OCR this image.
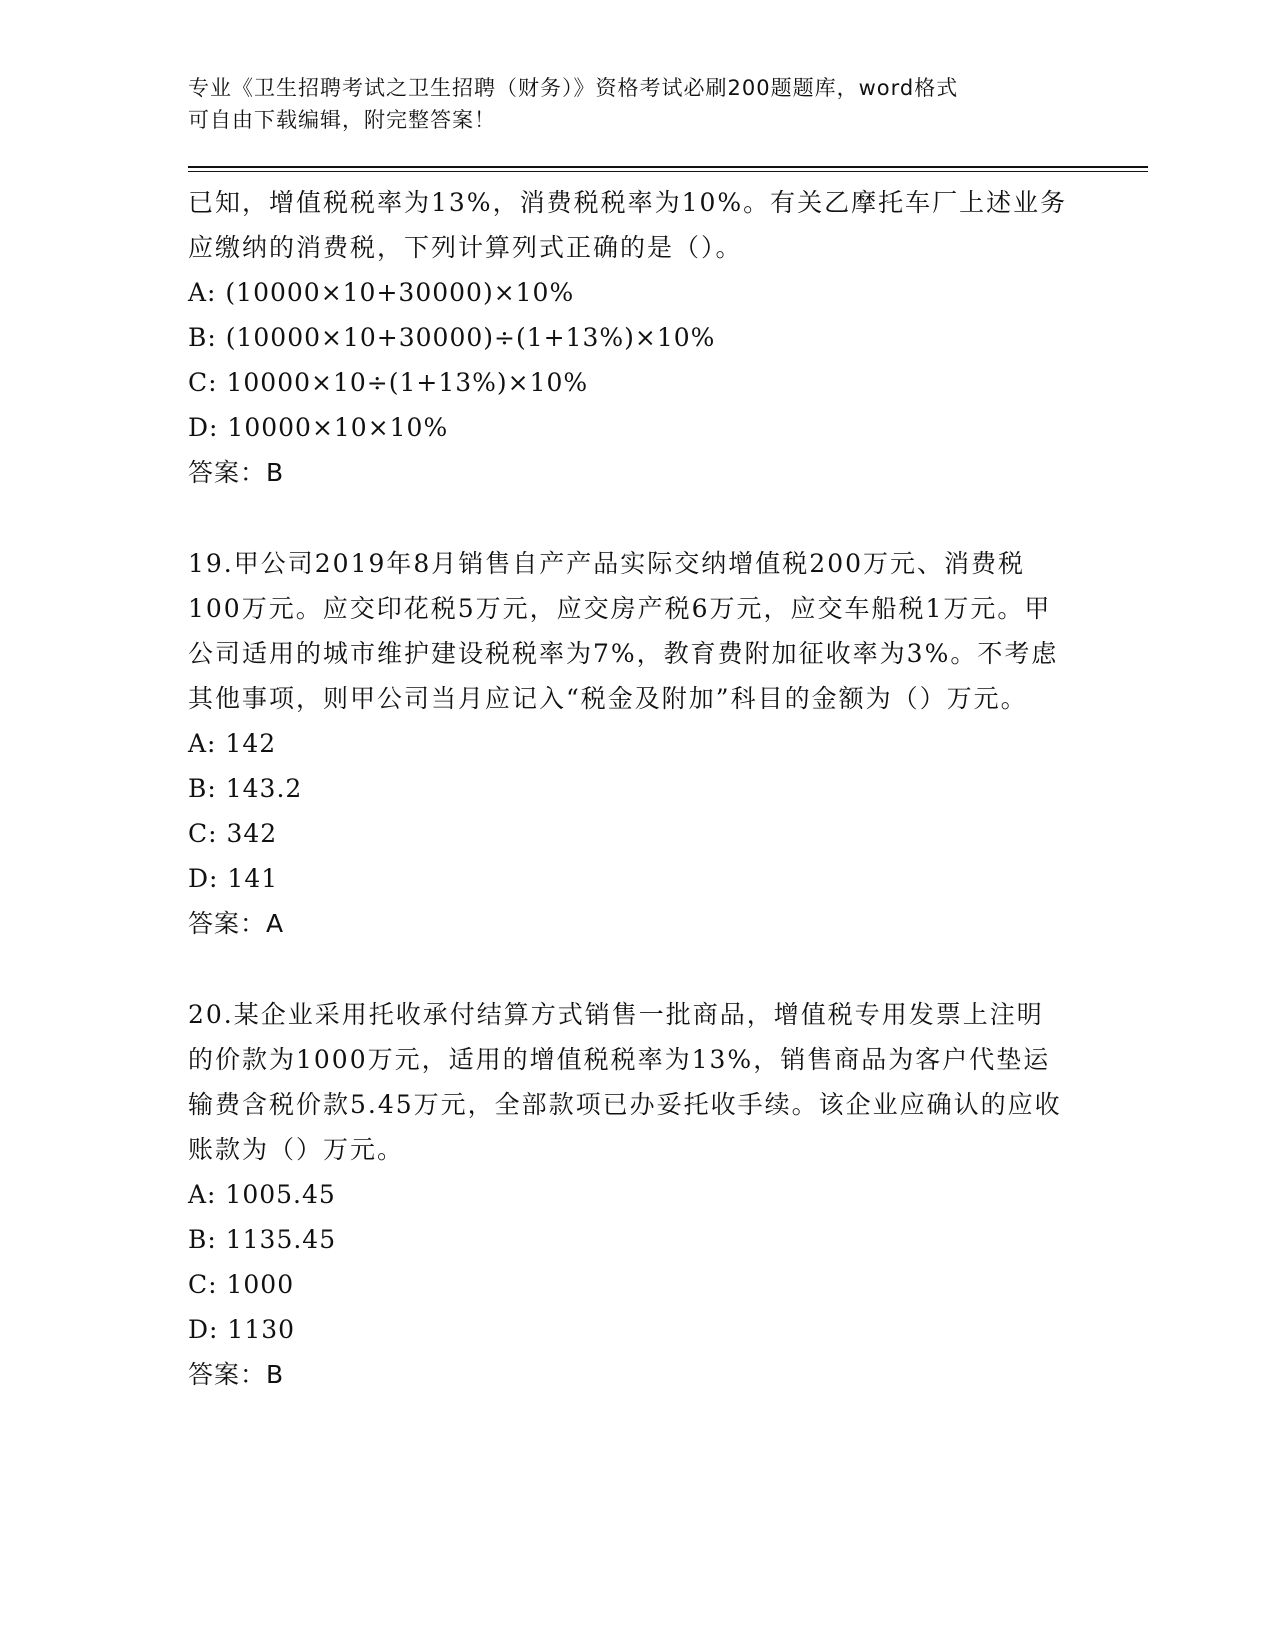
专业《卫生招聘考试之卫生招聘（财务）》资格考试必刷200题题库，word格式
可自由下载编辑，附完整答案！
已知，增值税税率为13%，消费税税率为10%。有关乙摩托车厂上述业务应缴纳的消费税，下列计算列式正确的是（）。
A: (10000×10+30000)×10%
B: (10000×10+30000)÷(1+13%)×10%
C: 10000×10÷(1+13%)×10%
D: 10000×10×10%
答案：B
19.甲公司2019年8月销售自产产品实际交纳增值税200万元、消费税100万元。应交印花税5万元，应交房产税6万元，应交车船税1万元。甲公司适用的城市维护建设税税率为7%，教育费附加征收率为3%。不考虑其他事项，则甲公司当月应记入“税金及附加”科目的金额为（）万元。
A: 142
B: 143.2
C: 342
D: 141
答案：A
20.某企业采用托收承付结算方式销售一批商品，增值税专用发票上注明的价款为1000万元，适用的增值税税率为13%，销售商品为客户代垫运输费含税价款5.45万元，全部款项已办妥托收手续。该企业应确认的应收账款为（）万元。
A: 1005.45
B: 1135.45
C: 1000
D: 1130
答案：B
